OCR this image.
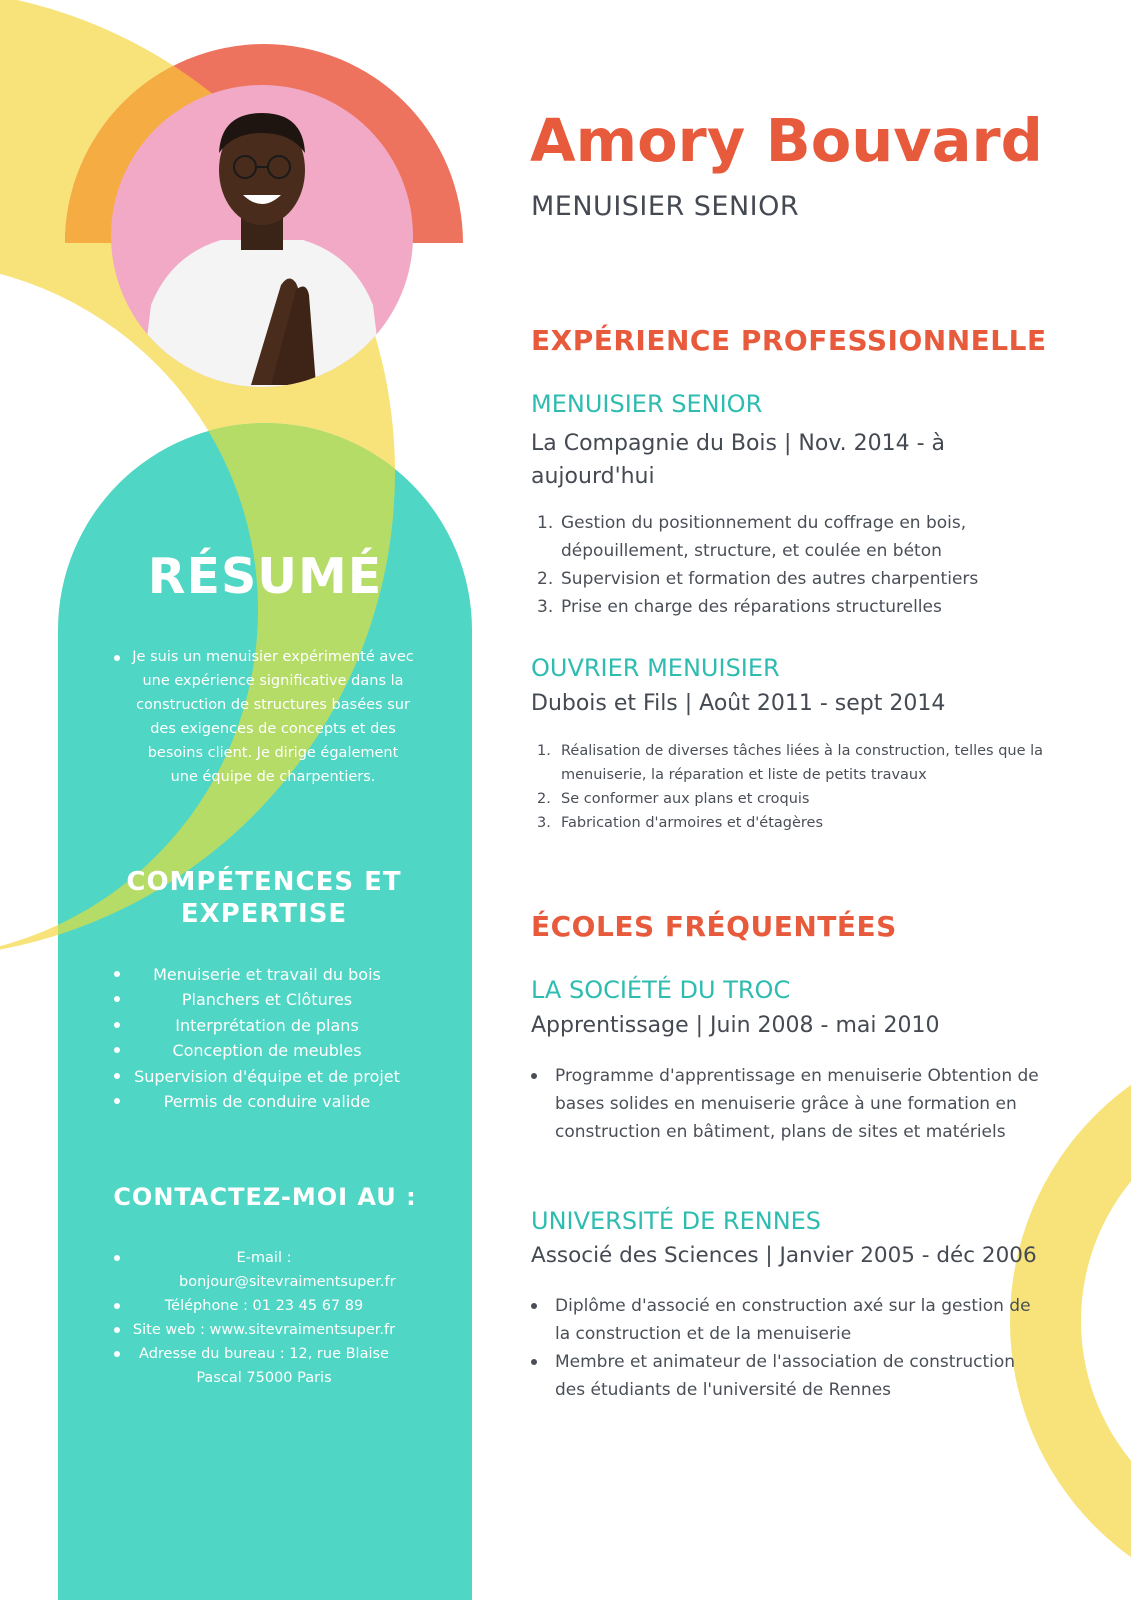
Amory Bouvard
MENUISIER SENIOR
RÉSUMÉ
Je suis un menuisier expérimenté avec une expérience significative dans la construction de structures basées sur des exigences de concepts et des besoins client. Je dirige également une équipe de charpentiers.
COMPÉTENCES ET EXPERTISE
Menuiserie et travail du bois
Planchers et Clôtures
Interprétation de plans
Conception de meubles
Supervision d'équipe et de projet
Permis de conduire valide
CONTACTEZ-MOI AU :
E-mail : bonjour@sitevraimentsuper.fr
Téléphone : 01 23 45 67 89
Site web : www.sitevraimentsuper.fr
Adresse du bureau : 12, rue Blaise Pascal 75000 Paris
EXPÉRIENCE PROFESSIONNELLE
MENUISIER SENIOR
La Compagnie du Bois | Nov. 2014 - à aujourd'hui
1. Gestion du positionnement du coffrage en bois, dépouillement, structure, et coulée en béton
2. Supervision et formation des autres charpentiers
3. Prise en charge des réparations structurelles
OUVRIER MENUISIER
Dubois et Fils | Août 2011 - sept 2014
1. Réalisation de diverses tâches liées à la construction, telles que la menuiserie, la réparation et liste de petits travaux
2. Se conformer aux plans et croquis
3. Fabrication d'armoires et d'étagères
ÉCOLES FRÉQUENTÉES
LA SOCIÉTÉ DU TROC
Apprentissage | Juin 2008 - mai 2010
Programme d'apprentissage en menuiserie Obtention de bases solides en menuiserie grâce à une formation en construction en bâtiment, plans de sites et matériels
UNIVERSITÉ DE RENNES
Associé des Sciences | Janvier 2005 - déc 2006
Diplôme d'associé en construction axé sur la gestion de la construction et de la menuiserie
Membre et animateur de l'association de construction des étudiants de l'université de Rennes
